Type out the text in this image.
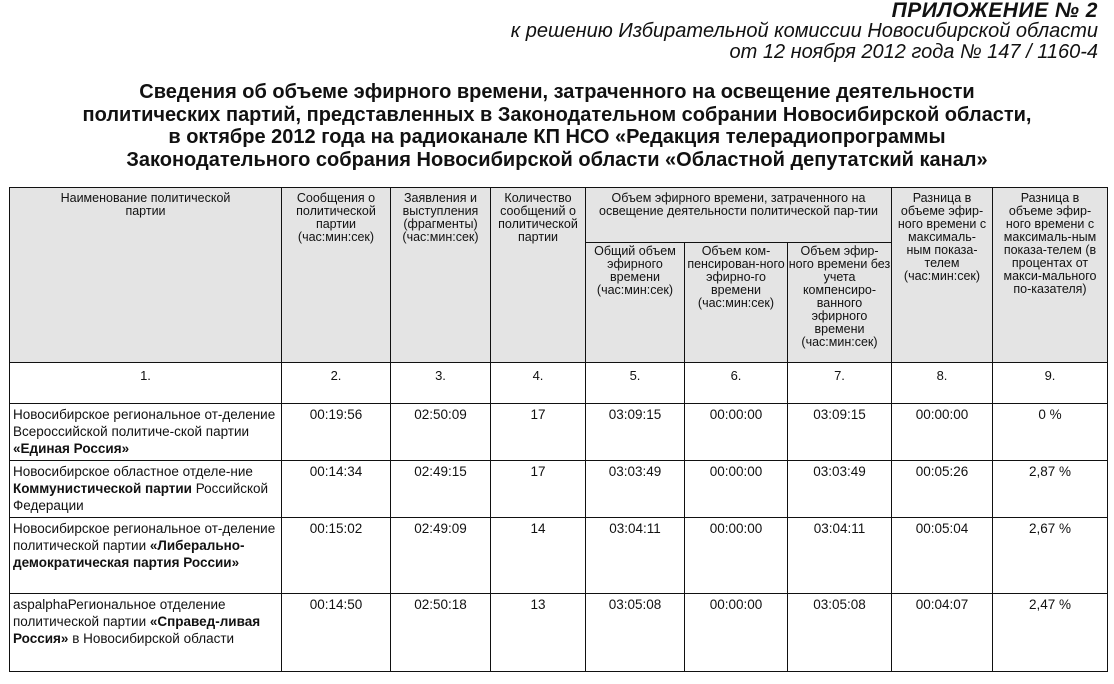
ПРИЛОЖЕНИЕ № 2
к решению Избирательной комиссии Новосибирской области
от 12 ноября 2012 года № 147 / 1160-4
Сведения об объеме эфирного времени, затраченного на освещение деятельности
политических партий, представленных в Законодательном собрании Новосибирской области,
в октябре 2012 года на радиоканале КП НСО «Редакция телерадиопрограммы
Законодательного собрания Новосибирской области «Областной депутатский канал»
Наименование политической партии	Сообщения о политической партии (час:мин:сек)	Заявления и выступления (фрагменты) (час:мин:сек)	Количество сообщений о политической партии	Объем эфирного времени, затраченного на освещение деятельности политической пар-тии			Разница в объеме эфир-ного времени с максималь-ным показа-телем (час:мин:сек)	Разница в объеме эфир-ного времени с максималь-ным показа-телем (в процентах от макси-мального по-казателя)
				Общий объем эфирного времени (час:мин:сек)	Объем ком-пенсирован-ного эфирно-го времени (час:мин:сек)	Объем эфир-ного времени без учета компенсиро-ванного эфирного времени (час:мин:сек)		
1.	2.	3.	4.	5.	6.	7.	8.	9.
Новосибирское региональное от-деление Всероссийской политиче-ской партии «Единая Россия»	00:19:56	02:50:09	17	03:09:15	00:00:00	03:09:15	00:00:00	0 %
Новосибирское областное отделе-ние Коммунистической партии Российской Федерации	00:14:34	02:49:15	17	03:03:49	00:00:00	03:03:49	00:05:26	2,87 %
Новосибирское региональное от-деление политической партии «Либерально-демократическая партия России»	00:15:02	02:49:09	14	03:04:11	00:00:00	03:04:11	00:05:04	2,67 %
aspalphaРегиональное отделение политической партии «Справед-ливая Россия» в Новосибирской области	00:14:50	02:50:18	13	03:05:08	00:00:00	03:05:08	00:04:07	2,47 %
